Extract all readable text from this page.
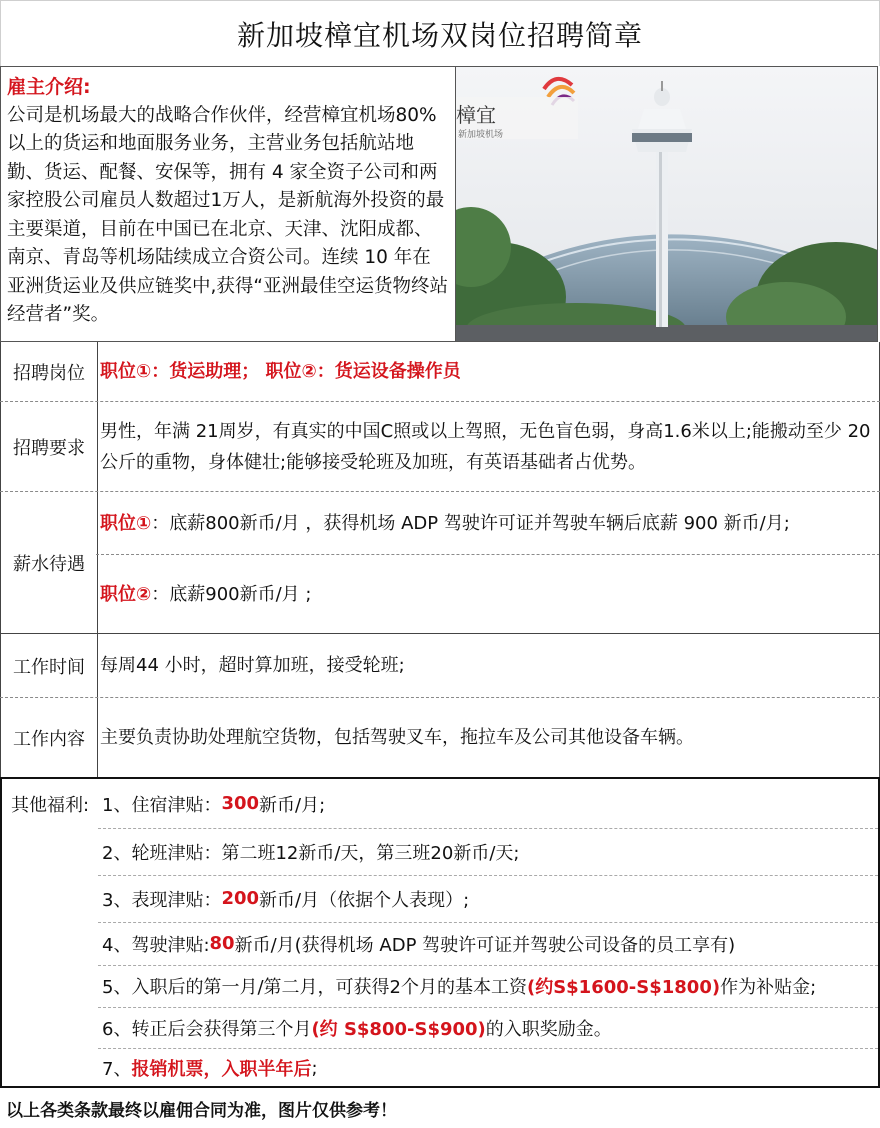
新加坡樟宜机场双岗位招聘简章
雇主介绍:
公司是机场最大的战略合作伙伴，经营樟宜机场80%以上的货运和地面服务业务，主营业务包括航站地勤、货运、配餐、安保等，拥有 4 家全资子公司和两家控股公司雇员人数超过1万人，是新航海外投资的最主要渠道，目前在中国已在北京、天津、沈阳成都、南京、青岛等机场陆续成立合资公司。连续 10 年在亚洲货运业及供应链奖中,获得“亚洲最佳空运货物终站经营者”奖。
樟宜
新加坡机场
招聘岗位 职位①：货运助理； 职位②：货运设备操作员
招聘要求
男性，年满 21周岁，有真实的中国C照或以上驾照，无色盲色弱，身高1.6米以上;能搬动至少 20 公斤的重物，身体健壮;能够接受轮班及加班，有英语基础者占优势。
薪水待遇
职位① ：底薪800新币/月 ，获得机场 ADP 驾驶许可证并驾驶车辆后底薪 900 新币/月;
职位② ：底薪900新币/月 ;
工作时间 每周44 小时，超时算加班，接受轮班;
工作内容 主要负责协助处理航空货物，包括驾驶叉车，拖拉车及公司其他设备车辆。
其他福利: 1、住宿津贴： 300 新币/月;
2、轮班津贴：第二班12新币/天，第三班20新币/天;
3、表现津贴： 200 新币/月（依据个人表现）;
4、驾驶津贴: 80 新币/月(获得机场 ADP 驾驶许可证并驾驶公司设备的员工享有)
5、入职后的第一月/第二月，可获得2个月的基本工资 (约S$1600-S$1800) 作为补贴金;
6、转正后会获得第三个月 (约 S$800-S$900) 的入职奖励金。
7、 报销机票，入职半年后 ;
以上各类条款最终以雇佣合同为准，图片仅供参考！
